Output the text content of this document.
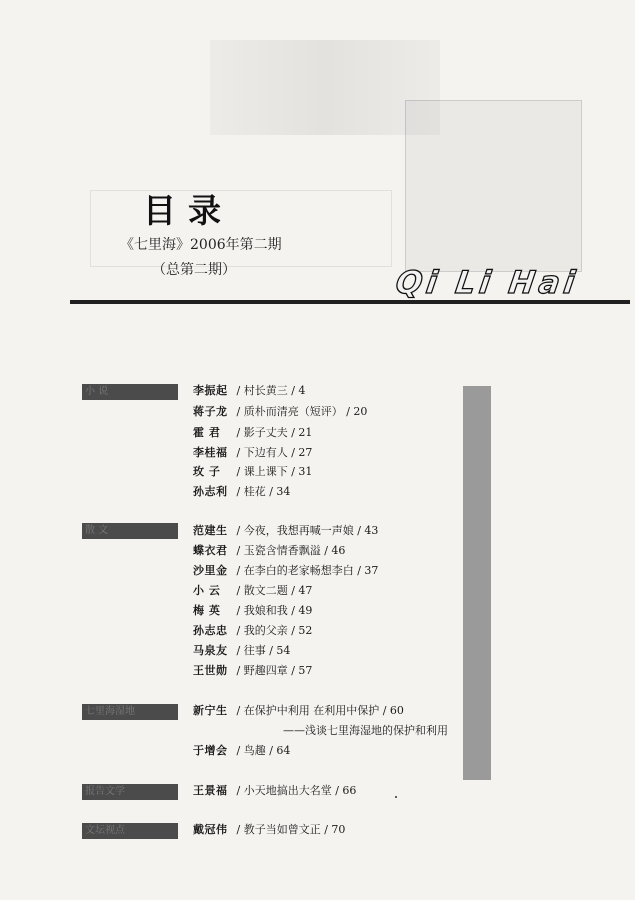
目录
《七里海》2006年第二期
（总第二期）	Qi Li Hai
小 说	李振起 / 村长黄三 / 4
蒋子龙 / 质朴而清亮（短评） / 20
霍 君 / 影子丈夫 / 21
李桂福 / 下边有人 / 27
玫 子 / 课上课下 / 31
孙志利 / 桂花 / 34
散 文	范建生 / 今夜，我想再喊一声娘 / 43
蝶衣君 / 玉瓷含情香飘溢 / 46
沙里金 / 在李白的老家畅想李白 / 37
小 云 / 散文二题 / 47
梅 英 / 我娘和我 / 49
孙志忠 / 我的父亲 / 52
马泉友 / 往事 / 54
王世勋 / 野趣四章 / 57
七里海湿地	新宁生 / 在保护中利用 在利用中保护 / 60
——浅谈七里海湿地的保护和利用
于增会 / 鸟趣 / 64
报告文学	王景福 / 小天地搞出大名堂 / 66
文坛视点	戴冠伟 / 教子当如曾文正 / 70
